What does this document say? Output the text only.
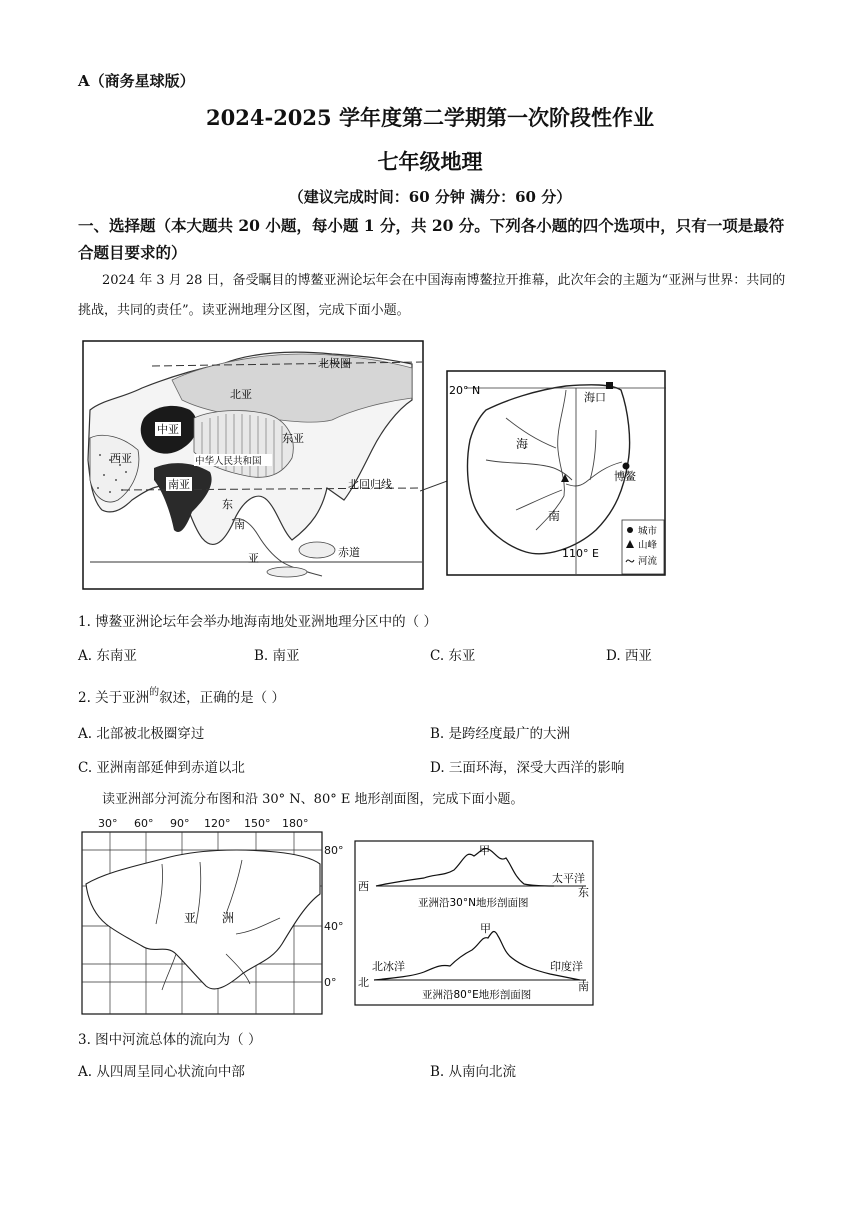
A（商务星球版）
2024-2025 学年度第二学期第一次阶段性作业
七年级地理
（建议完成时间：60 分钟 满分：60 分）
一、选择题（本大题共 20 小题，每小题 1 分，共 20 分。下列各小题的四个选项中，只有一项是最符合题目要求的）
2024 年 3 月 28 日，备受瞩目的博鳌亚洲论坛年会在中国海南博鳌拉开推幕，此次年会的主题为“亚洲与世界：共同的挑战，共同的责任”。读亚洲地理分区图，完成下面小题。
北极圈
北亚
中亚
东亚
西亚	中华人民共和国
南亚	北回归线
东
南
亚	赤道
20° N
海口
海
南
博鳌
110° E
城市
山峰
河流
1. 博鳌亚洲论坛年会举办地海南地处亚洲地理分区中的（ ）
A. 东南亚	B. 南亚	C. 东亚	D. 西亚
2. 关于亚洲$^的$叙述，正确的是（ ）
A. 北部被北极圈穿过	B. 是跨经度最广的大洲
C. 亚洲南部延伸到赤道以北	D. 三面环海，深受大西洋的影响
读亚洲部分河流分布图和沿 30° N、80° E 地形剖面图，完成下面小题。
30° 60° 90° 120° 150° 180°
亚 洲
80°
40°
0°
甲
西
太平洋
东
亚洲沿30°N地形剖面图
甲
北冰洋
北
印度洋
南
亚洲沿80°E地形剖面图
3. 图中河流总体的流向为（ ）
A. 从四周呈同心状流向中部	B. 从南向北流
